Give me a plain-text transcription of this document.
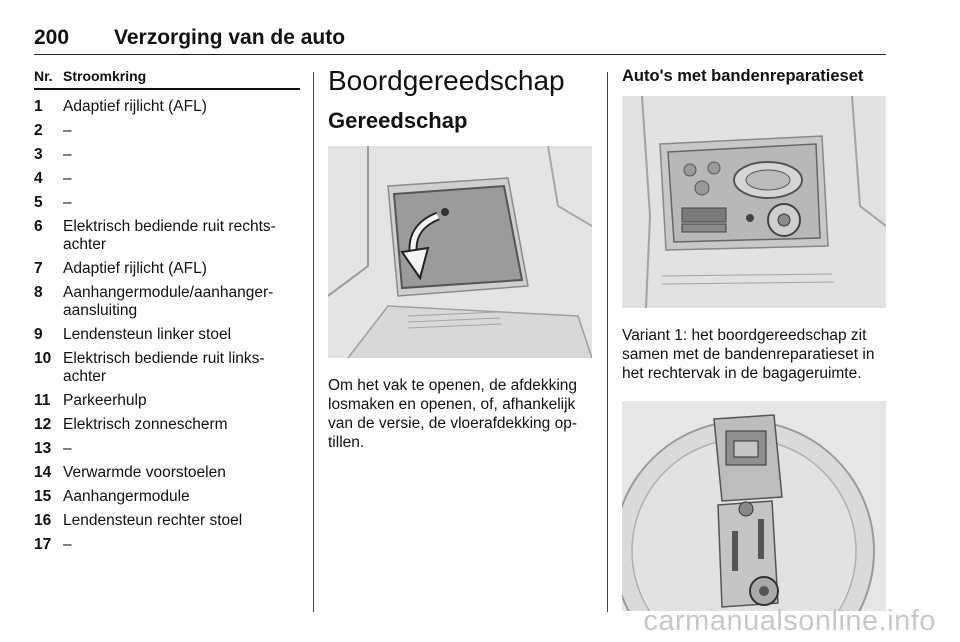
200 Verzorging van de auto
Nr. Stroomkring
1	Adaptief rijlicht (AFL)
2	–
3	–
4	–
5	–
6	Elektrisch bediende ruit rechts-achter
7	Adaptief rijlicht (AFL)
8	Aanhangermodule/aanhanger-aansluiting
9	Lendensteun linker stoel
10 Elektrisch bediende ruit links-achter
11 Parkeerhulp
12 Elektrisch zonnescherm
13 –
14 Verwarmde voorstoelen
15 Aanhangermodule
16 Lendensteun rechter stoel
17 –
Boordgereedschap
Gereedschap

Om het vak te openen, de afdekking losmaken en openen, of, afhankelijk van de versie, de vloerafdekking op-tillen.

Auto's met bandenreparatieset

Variant 1: het boordgereedschap zit samen met de bandenreparatieset in het rechtervak in de bagageruimte.

carmanualsonline.info
